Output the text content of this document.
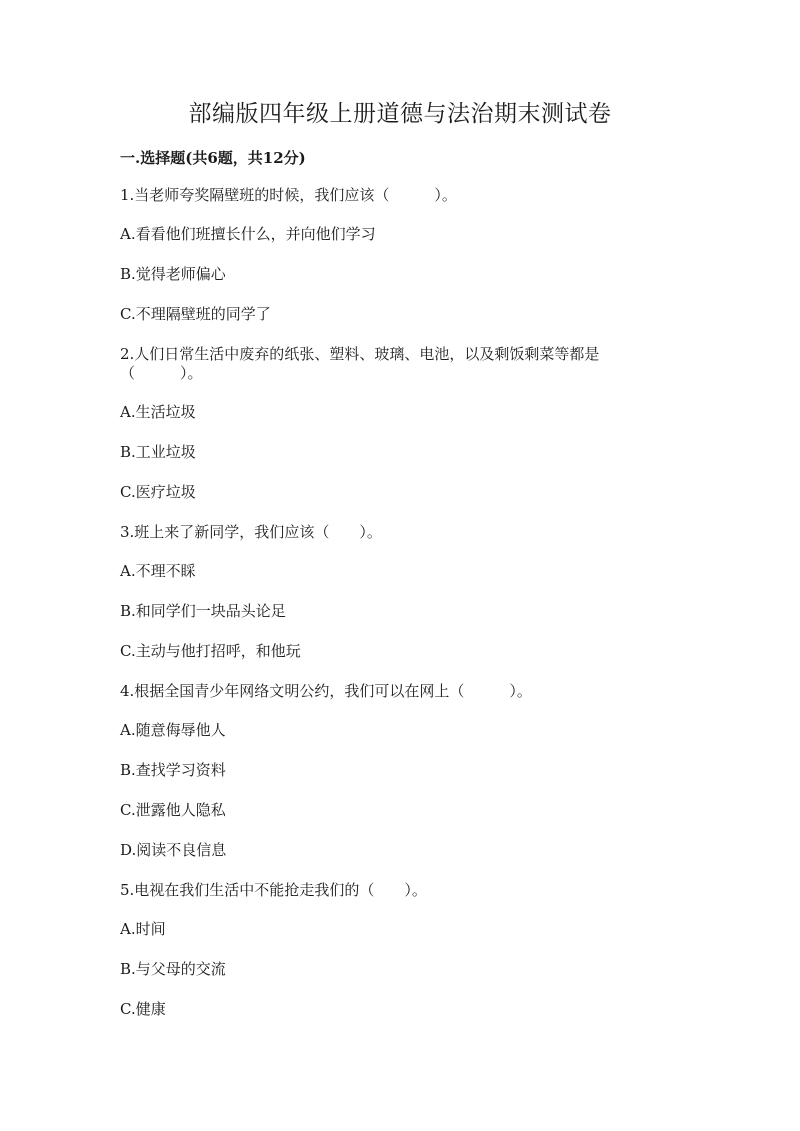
部编版四年级上册道德与法治期末测试卷
一.选择题(共6题，共12分)

1.当老师夸奖隔壁班的时候，我们应该（　　　）。

A.看看他们班擅长什么，并向他们学习

B.觉得老师偏心

C.不理隔壁班的同学了

2.人们日常生活中废弃的纸张、塑料、玻璃、电池，以及剩饭剩菜等都是（　　　）。

A.生活垃圾

B.工业垃圾

C.医疗垃圾

3.班上来了新同学，我们应该（　　）。

A.不理不睬

B.和同学们一块品头论足

C.主动与他打招呼，和他玩

4.根据全国青少年网络文明公约，我们可以在网上（　　　）。

A.随意侮辱他人

B.查找学习资料

C.泄露他人隐私

D.阅读不良信息

5.电视在我们生活中不能抢走我们的（　　）。

A.时间

B.与父母的交流

C.健康
